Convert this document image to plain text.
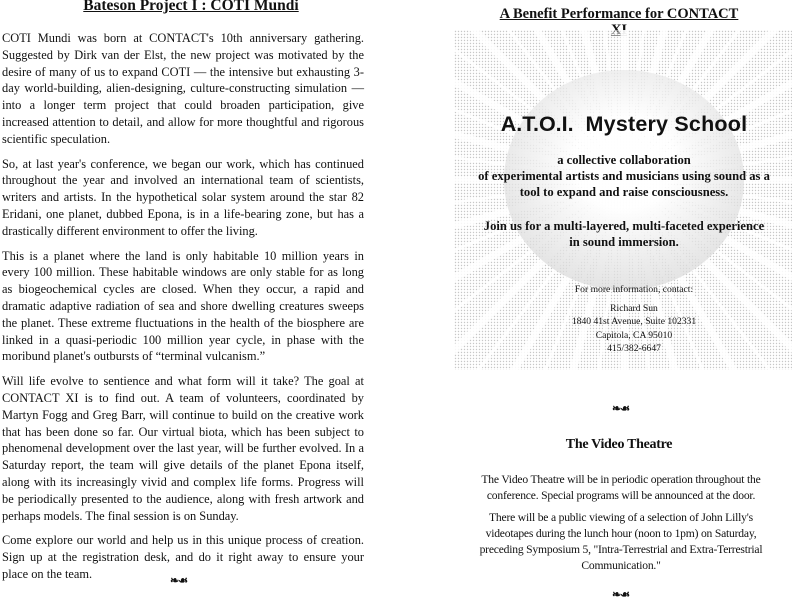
Bateson Project I : COTI Mundi

COTI Mundi was born at CONTACT's 10th anniversary gathering. Suggested by Dirk van der Elst, the new project was motivated by the desire of many of us to expand COTI — the intensive but exhausting 3-day world-building, alien-designing, culture-constructing simulation — into a longer term project that could broaden participation, give increased attention to detail, and allow for more thoughtful and rigorous scientific speculation.

So, at last year's conference, we began our work, which has continued throughout the year and involved an international team of scientists, writers and artists. In the hypothetical solar system around the star 82 Eridani, one planet, dubbed Epona, is in a life-bearing zone, but has a drastically different environment to offer the living.

This is a planet where the land is only habitable 10 million years in every 100 million. These habitable windows are only stable for as long as biogeochemical cycles are closed. When they occur, a rapid and dramatic adaptive radiation of sea and shore dwelling creatures sweeps the planet. These extreme fluctuations in the health of the biosphere are linked in a quasi-periodic 100 million year cycle, in phase with the moribund planet's outbursts of “terminal vulcanism.”

Will life evolve to sentience and what form will it take? The goal at CONTACT XI is to find out. A team of volunteers, coordinated by Martyn Fogg and Greg Barr, will continue to build on the creative work that has been done so far. Our virtual biota, which has been subject to phenomenal development over the last year, will be further evolved. In a Saturday report, the team will give details of the planet Epona itself, along with its increasingly vivid and complex life forms. Progress will be periodically presented to the audience, along with fresh artwork and perhaps models. The final session is on Sunday.

Come explore our world and help us in this unique process of creation. Sign up at the registration desk, and do it right away to ensure your place on the team.

❧☙
A Benefit Performance for CONTACT
A.T.O.I. Mystery School
a collective collaboration
of experimental artists and musicians using sound as a
tool to expand and raise consciousness.
Join us for a multi-layered, multi-faceted experience
in sound immersion.
For more information, contact:
Richard Sun
1840 41st Avenue, Suite 102331
Capitola, CA 95010
415/382-6647
❧☙
The Video Theatre

The Video Theatre will be in periodic operation throughout the conference. Special programs will be announced at the door.

There will be a public viewing of a selection of John Lilly's videotapes during the lunch hour (noon to 1pm) on Saturday, preceding Symposium 5, "Intra-Terrestrial and Extra-Terrestrial Communication."

❧☙
